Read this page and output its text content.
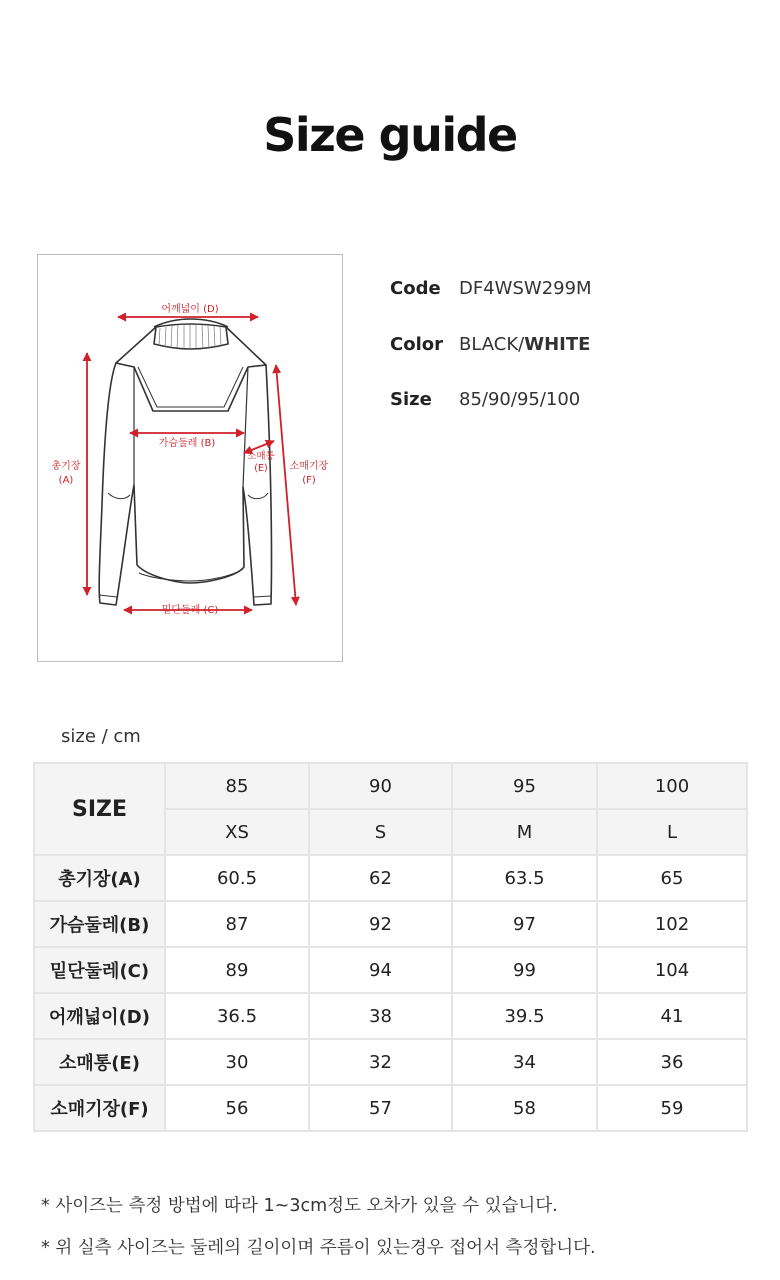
Size guide
어깨넓이 (D)
가슴둘레 (B)
밑단둘레 (C)
총기장
(A)
소매통
(E) 소매기장
(F)
Code	DF4WSW299M
Color BLACK/WHITE
Size	85/90/95/100
size / cm
SIZE	85	90	95	100
	XS	S	M	L
총기장(A)	60.5	62	63.5	65
가슴둘레(B)	87	92	97	102
밑단둘레(C)	89	94	99	104
어깨넓이(D)	36.5	38	39.5	41
소매통(E)	30	32	34	36
소매기장(F)	56	57	58	59
* 사이즈는 측정 방법에 따라 1~3cm정도 오차가 있을 수 있습니다.
* 위 실측 사이즈는 둘레의 길이이며 주름이 있는경우 접어서 측정합니다.
